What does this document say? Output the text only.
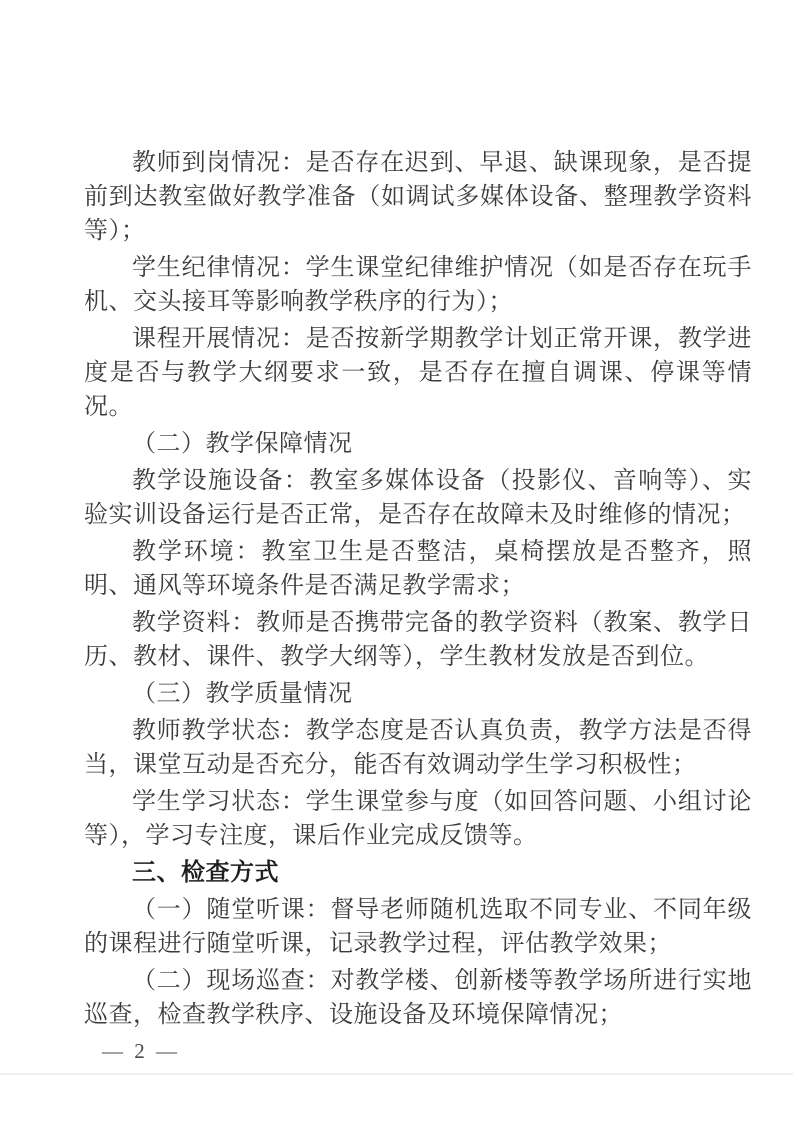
教师到岗情况：是否存在迟到、早退、缺课现象，是否提前到达教室做好教学准备（如调试多媒体设备、整理教学资料等）；

学生纪律情况：学生课堂纪律维护情况（如是否存在玩手机、交头接耳等影响教学秩序的行为）；

课程开展情况：是否按新学期教学计划正常开课，教学进度是否与教学大纲要求一致，是否存在擅自调课、停课等情况。

（二）教学保障情况

教学设施设备：教室多媒体设备（投影仪、音响等）、实验实训设备运行是否正常，是否存在故障未及时维修的情况；

教学环境：教室卫生是否整洁，桌椅摆放是否整齐，照明、通风等环境条件是否满足教学需求；

教学资料：教师是否携带完备的教学资料（教案、教学日历、教材、课件、教学大纲等），学生教材发放是否到位。

（三）教学质量情况

教师教学状态：教学态度是否认真负责，教学方法是否得当，课堂互动是否充分，能否有效调动学生学习积极性；

学生学习状态：学生课堂参与度（如回答问题、小组讨论等），学习专注度，课后作业完成反馈等。

三、检查方式

（一）随堂听课：督导老师随机选取不同专业、不同年级的课程进行随堂听课，记录教学过程，评估教学效果；

（二）现场巡查：对教学楼、创新楼等教学场所进行实地巡查，检查教学秩序、设施设备及环境保障情况；

— 2 —
